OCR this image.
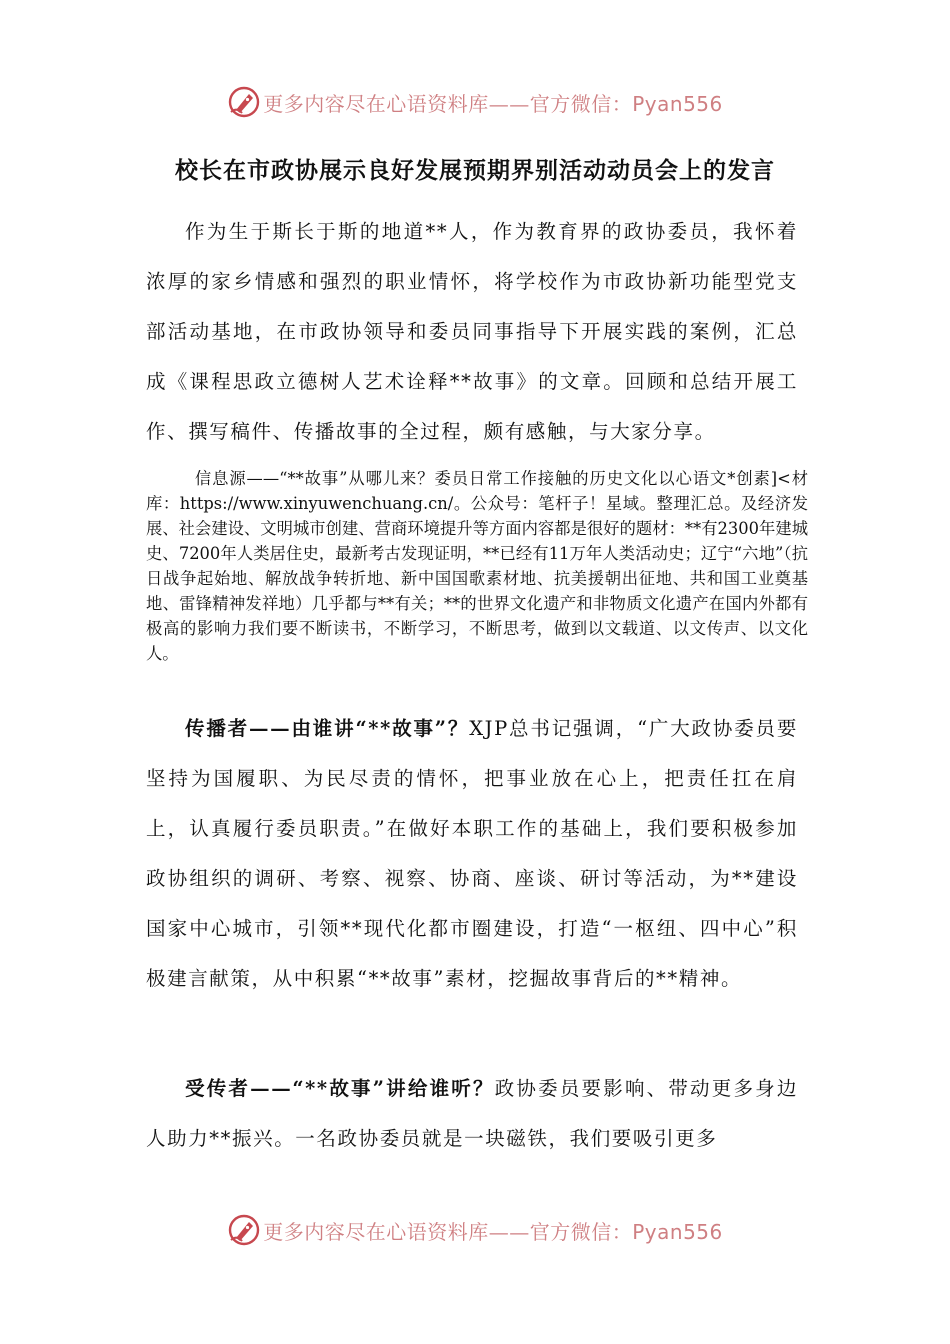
更多内容尽在心语资料库——官方微信：Pyan556
校长在市政协展示良好发展预期界别活动动员会上的发言

作为生于斯长于斯的地道**人，作为教育界的政协委员，我怀着浓厚的家乡情感和强烈的职业情怀，将学校作为市政协新功能型党支部活动基地，在市政协领导和委员同事指导下开展实践的案例，汇总成《课程思政立德树人艺术诠释**故事》的文章。回顾和总结开展工作、撰写稿件、传播故事的全过程，颇有感触，与大家分享。

信息源——“**故事”从哪儿来？委员日常工作接触的历史文化以心语文*创素]<材库：https://www.xinyuwenchuang.cn/。公众号：笔杆子！星域。整理汇总。及经济发展、社会建设、文明城市创建、营商环境提升等方面内容都是很好的题材：**有2300年建城史、7200年人类居住史，最新考古发现证明，**已经有11万年人类活动史；辽宁“六地”（抗日战争起始地、解放战争转折地、新中国国歌素材地、抗美援朝出征地、共和国工业奠基地、雷锋精神发祥地）几乎都与**有关；**的世界文化遗产和非物质文化遗产在国内外都有极高的影响力我们要不断读书，不断学习，不断思考，做到以文载道、以文传声、以文化人。

传播者——由谁讲“**故事”？XJP总书记强调，“广大政协委员要坚持为国履职、为民尽责的情怀，把事业放在心上，把责任扛在肩上，认真履行委员职责。”在做好本职工作的基础上，我们要积极参加政协组织的调研、考察、视察、协商、座谈、研讨等活动，为**建设国家中心城市，引领**现代化都市圈建设，打造“一枢纽、四中心”积极建言献策，从中积累“**故事”素材，挖掘故事背后的**精神。

受传者——“**故事”讲给谁听？政协委员要影响、带动更多身边人助力**振兴。一名政协委员就是一块磁铁，我们要吸引更多

更多内容尽在心语资料库——官方微信：Pyan556
